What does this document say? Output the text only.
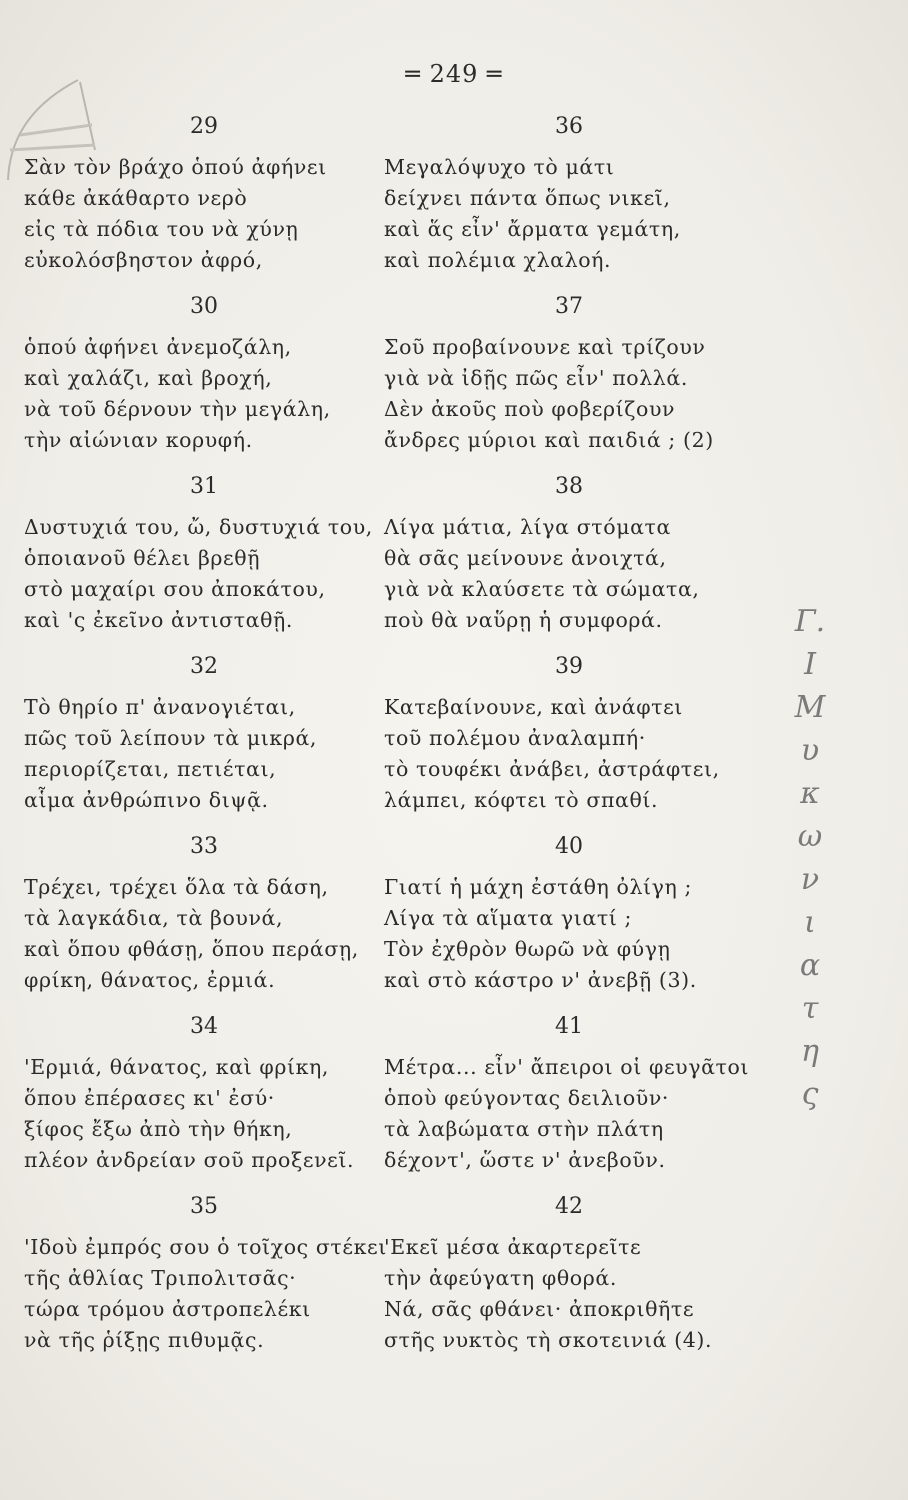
═ 249 ═
29
Σὰν τὸν βράχο ὁπού ἀφήνει
κάθε ἀκάθαρτο νερὸ
εἰς τὰ πόδια του νὰ χύνῃ
εὐκολόσβηστον ἀφρό,
30
ὁπού ἀφήνει ἀνεμοζάλη,
καὶ χαλάζι, καὶ βροχή,
νὰ τοῦ δέρνουν τὴν μεγάλη,
τὴν αἰώνιαν κορυφή.
31
Δυστυχιά του, ὤ, δυστυχιά του,
ὁποιανοῦ θέλει βρεθῇ
στὸ μαχαίρι σου ἀποκάτου,
καὶ 'ς ἐκεῖνο ἀντισταθῇ.
32
Τὸ θηρίο π' ἀνανογιέται,
πῶς τοῦ λείπουν τὰ μικρά,
περιορίζεται, πετιέται,
αἷμα ἀνθρώπινο διψᾷ.
33
Τρέχει, τρέχει ὅλα τὰ δάση,
τὰ λαγκάδια, τὰ βουνά,
καὶ ὅπου φθάσῃ, ὅπου περάσῃ,
φρίκη, θάνατος, ἐρμιά.
34
'Ερμιά, θάνατος, καὶ φρίκη,
ὅπου ἐπέρασες κι' ἐσύ·
ξίφος ἔξω ἀπὸ τὴν θήκη,
πλέον ἀνδρείαν σοῦ προξενεῖ.
35
'Ιδοὺ ἐμπρός σου ὁ τοῖχος στέκει
τῆς ἀθλίας Τριπολιτσᾶς·
τώρα τρόμου ἀστροπελέκι
νὰ τῆς ῥίξῃς πιθυμᾷς.
36
Μεγαλόψυχο τὸ μάτι
δείχνει πάντα ὅπως νικεῖ,
καὶ ἅς εἶν' ἄρματα γεμάτη,
καὶ πολέμια χλαλοή.
37
Σοῦ προβαίνουνε καὶ τρίζουν
γιὰ νὰ ἰδῇς πῶς εἶν' πολλά.
Δὲν ἀκοῦς ποὺ φοβερίζουν
ἄνδρες μύριοι καὶ παιδιά ; (2)
38
Λίγα μάτια, λίγα στόματα
θὰ σᾶς μείνουνε ἀνοιχτά,
γιὰ νὰ κλαύσετε τὰ σώματα,
ποὺ θὰ ναὕρῃ ἡ συμφορά.
39
Κατεβαίνουνε, καὶ ἀνάφτει
τοῦ πολέμου ἀναλαμπή·
τὸ τουφέκι ἀνάβει, ἀστράφτει,
λάμπει, κόφτει τὸ σπαθί.
40
Γιατί ἡ μάχη ἐστάθη ὀλίγη ;
Λίγα τὰ αἵματα γιατί ;
Τὸν ἐχθρὸν θωρῶ νὰ φύγῃ
καὶ στὸ κάστρο ν' ἀνεβῇ (3).
41
Μέτρα... εἶν' ἄπειροι οἱ φευγᾶτοι
ὁποὺ φεύγοντας δειλιοῦν·
τὰ λαβώματα στὴν πλάτη
δέχοντ', ὥστε ν' ἀνεβοῦν.
42
'Εκεῖ μέσα ἀκαρτερεῖτε
τὴν ἀφεύγατη φθορά.
Νά, σᾶς φθάνει· ἀποκριθῆτε
στῆς νυκτὸς τὴ σκοτεινιά (4).
Γ.
Ι
Μ
υ
κ
ω
ν
ι
α
τ
η
ς
